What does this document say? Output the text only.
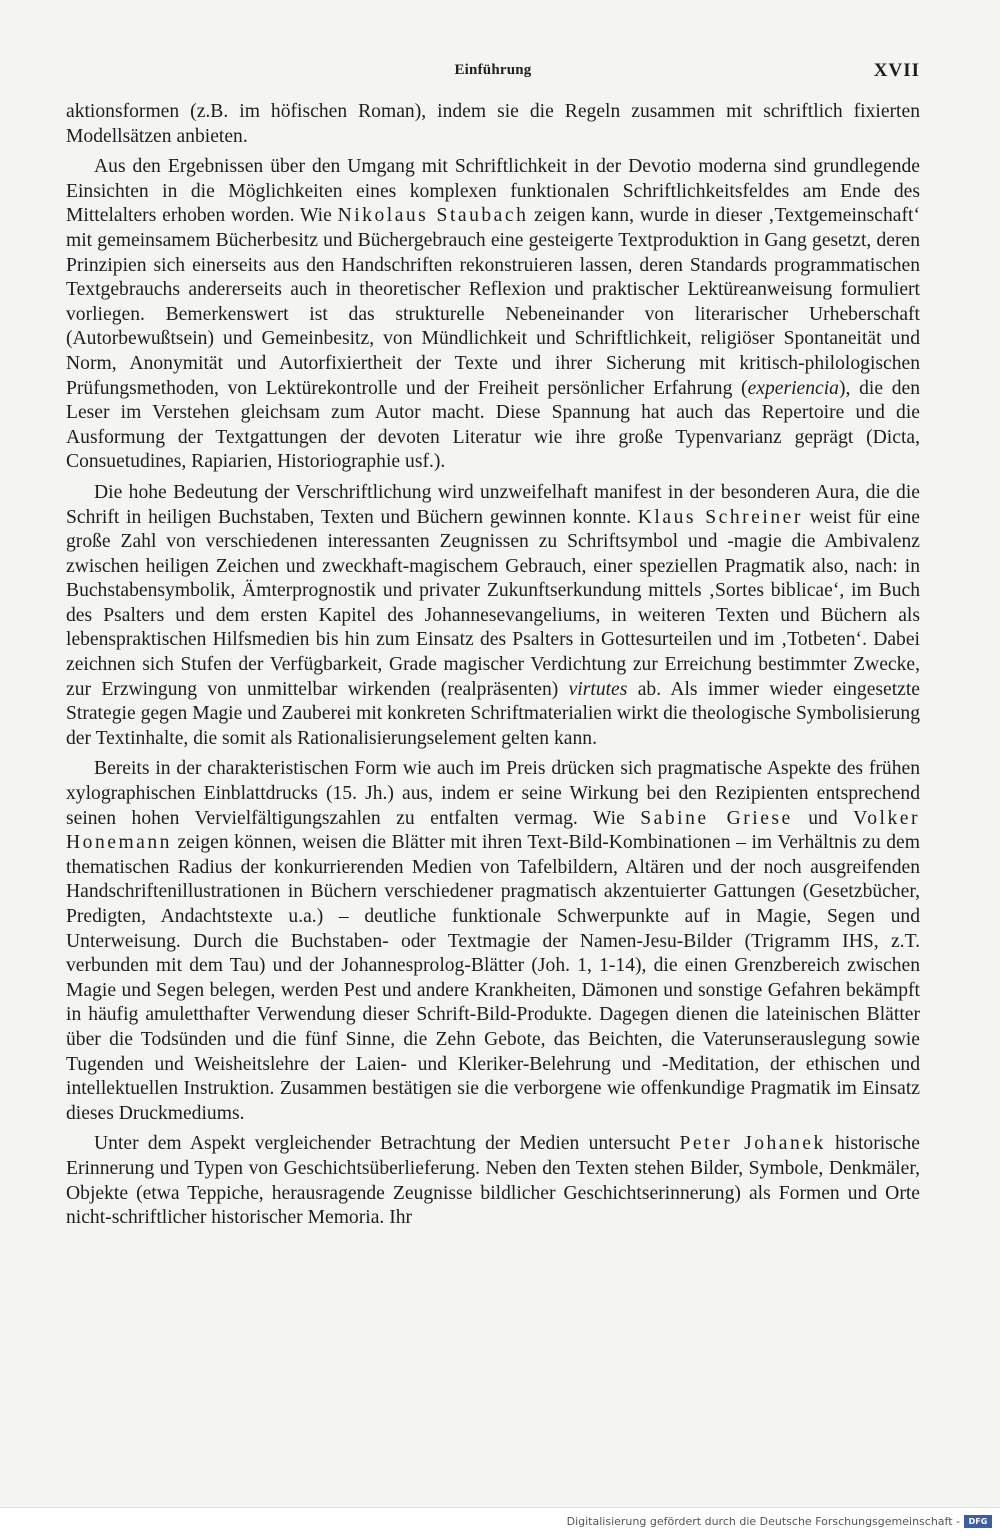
Einführung	XVII

aktionsformen (z.B. im höfischen Roman), indem sie die Regeln zusammen mit schriftlich fixierten Modellsätzen anbieten.

Aus den Ergebnissen über den Umgang mit Schriftlichkeit in der Devotio moderna sind grundlegende Einsichten in die Möglichkeiten eines komplexen funktionalen Schriftlichkeitsfeldes am Ende des Mittelalters erhoben worden. Wie Nikolaus Staubach zeigen kann, wurde in dieser ‚Textgemeinschaft‘ mit gemeinsamem Bücherbesitz und Büchergebrauch eine gesteigerte Textproduktion in Gang gesetzt, deren Prinzipien sich einerseits aus den Handschriften rekonstruieren lassen, deren Standards programmatischen Textgebrauchs andererseits auch in theoretischer Reflexion und praktischer Lektüreanweisung formuliert vorliegen. Bemerkenswert ist das strukturelle Nebeneinander von literarischer Urheberschaft (Autorbewußtsein) und Gemeinbesitz, von Mündlichkeit und Schriftlichkeit, religiöser Spontaneität und Norm, Anonymität und Autorfixiertheit der Texte und ihrer Sicherung mit kritisch-philologischen Prüfungsmethoden, von Lektürekontrolle und der Freiheit persönlicher Erfahrung (experiencia), die den Leser im Verstehen gleichsam zum Autor macht. Diese Spannung hat auch das Repertoire und die Ausformung der Textgattungen der devoten Literatur wie ihre große Typenvarianz geprägt (Dicta, Consuetudines, Rapiarien, Historiographie usf.).

Die hohe Bedeutung der Verschriftlichung wird unzweifelhaft manifest in der besonderen Aura, die die Schrift in heiligen Buchstaben, Texten und Büchern gewinnen konnte. Klaus Schreiner weist für eine große Zahl von verschiedenen interessanten Zeugnissen zu Schriftsymbol und -magie die Ambivalenz zwischen heiligen Zeichen und zweckhaft-magischem Gebrauch, einer speziellen Pragmatik also, nach: in Buchstabensymbolik, Ämterprognostik und privater Zukunftserkundung mittels ‚Sortes biblicae‘, im Buch des Psalters und dem ersten Kapitel des Johannesevangeliums, in weiteren Texten und Büchern als lebenspraktischen Hilfsmedien bis hin zum Einsatz des Psalters in Gottesurteilen und im ‚Totbeten‘. Dabei zeichnen sich Stufen der Verfügbarkeit, Grade magischer Verdichtung zur Erreichung bestimmter Zwecke, zur Erzwingung von unmittelbar wirkenden (realpräsenten) virtutes ab. Als immer wieder eingesetzte Strategie gegen Magie und Zauberei mit konkreten Schriftmaterialien wirkt die theologische Symbolisierung der Textinhalte, die somit als Rationalisierungselement gelten kann.

Bereits in der charakteristischen Form wie auch im Preis drücken sich pragmatische Aspekte des frühen xylographischen Einblattdrucks (15. Jh.) aus, indem er seine Wirkung bei den Rezipienten entsprechend seinen hohen Vervielfältigungszahlen zu entfalten vermag. Wie Sabine Griese und Volker Honemann zeigen können, weisen die Blätter mit ihren Text-Bild-Kombinationen – im Verhältnis zu dem thematischen Radius der konkurrierenden Medien von Tafelbildern, Altären und der noch ausgreifenden Handschriftenillustrationen in Büchern verschiedener pragmatisch akzentuierter Gattungen (Gesetzbücher, Predigten, Andachtstexte u.a.) – deutliche funktionale Schwerpunkte auf in Magie, Segen und Unterweisung. Durch die Buchstaben- oder Textmagie der Namen-Jesu-Bilder (Trigramm IHS, z.T. verbunden mit dem Tau) und der Johannesprolog-Blätter (Joh. 1, 1-14), die einen Grenzbereich zwischen Magie und Segen belegen, werden Pest und andere Krankheiten, Dämonen und sonstige Gefahren bekämpft in häufig amuletthafter Verwendung dieser Schrift-Bild-Produkte. Dagegen dienen die lateinischen Blätter über die Todsünden und die fünf Sinne, die Zehn Gebote, das Beichten, die Vaterunserauslegung sowie Tugenden und Weisheitslehre der Laien- und Kleriker-Belehrung und -Meditation, der ethischen und intellektuellen Instruktion. Zusammen bestätigen sie die verborgene wie offenkundige Pragmatik im Einsatz dieses Druckmediums.

Unter dem Aspekt vergleichender Betrachtung der Medien untersucht Peter Johanek historische Erinnerung und Typen von Geschichtsüberlieferung. Neben den Texten stehen Bilder, Symbole, Denkmäler, Objekte (etwa Teppiche, herausragende Zeugnisse bildlicher Geschichtserinnerung) als Formen und Orte nicht-schriftlicher historischer Memoria. Ihr

Digitalisierung gefördert durch die Deutsche Forschungsgemeinschaft -	DFG
